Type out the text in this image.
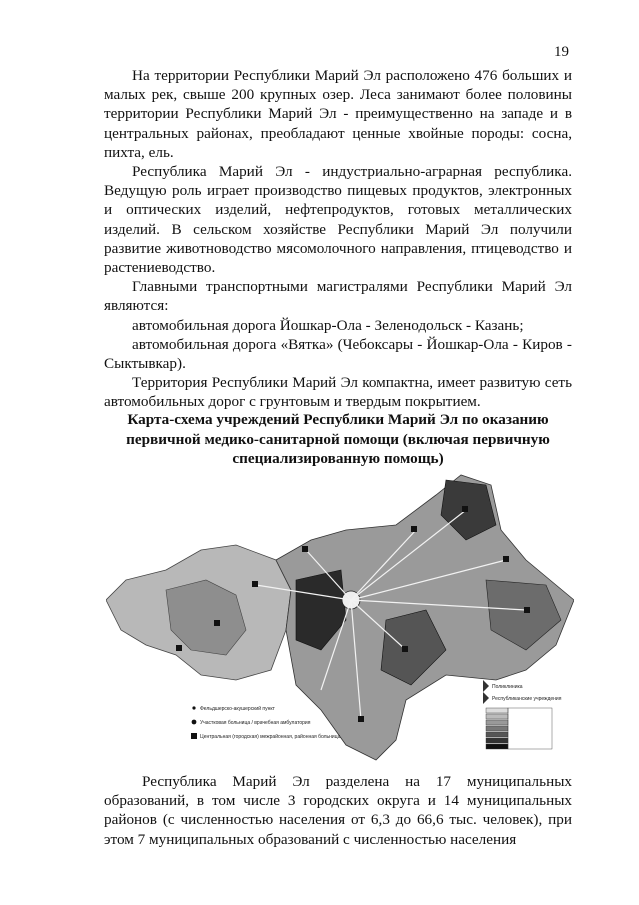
19

На территории Республики Марий Эл расположено 476 больших и малых рек, свыше 200 крупных озер. Леса занимают более половины территории Республики Марий Эл - преимущественно на западе и в центральных районах, преобладают ценные хвойные породы: сосна, пихта, ель.

Республика Марий Эл - индустриально-аграрная республика. Ведущую роль играет производство пищевых продуктов, электронных и оптических изделий, нефтепродуктов, готовых металлических изделий. В сельском хозяйстве Республики Марий Эл получили развитие животноводство мясомолочного направления, птицеводство и растениеводство.

Главными транспортными магистралями Республики Марий Эл являются:

автомобильная дорога Йошкар-Ола - Зеленодольск - Казань;

автомобильная дорога «Вятка» (Чебоксары - Йошкар-Ола - Киров - Сыктывкар).

Территория Республики Марий Эл компактна, имеет развитую сеть автомобильных дорог с грунтовым и твердым покрытием.

Карта-схема учреждений Республики Марий Эл по оказанию первичной медико-санитарной помощи (включая первичную специализированную помощь)
Фельдшерско-акушерский пункт
Участковая больница / врачебная амбулатория
Центральная (городская) межрайонная, районная больница
Поликлиника
Республиканские учреждения

Республика Марий Эл разделена на 17 муниципальных образований, в том числе 3 городских округа и 14 муниципальных районов (с численностью населения от 6,3 до 66,6 тыс. человек), при этом 7 муниципальных образований с численностью населения
